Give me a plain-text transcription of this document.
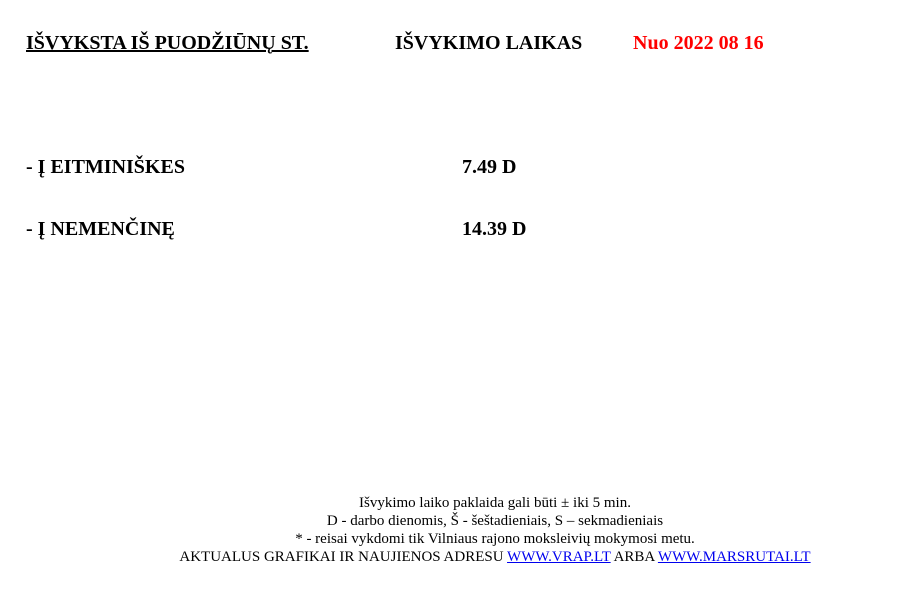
IŠVYKSTA IŠ PUODŽIŪNŲ ST.	IŠVYKIMO LAIKAS	Nuo 2022 08 16
- Į EITMINIŠKES	7.49 D
- Į NEMENČINĘ	14.39 D
Išvykimo laiko paklaida gali būti ± iki 5 min.
D - darbo dienomis, Š - šeštadieniais, S – sekmadieniais
* - reisai vykdomi tik Vilniaus rajono moksleivių mokymosi metu.
AKTUALUS GRAFIKAI IR NAUJIENOS ADRESU WWW.VRAP.LT ARBA WWW.MARSRUTAI.LT
